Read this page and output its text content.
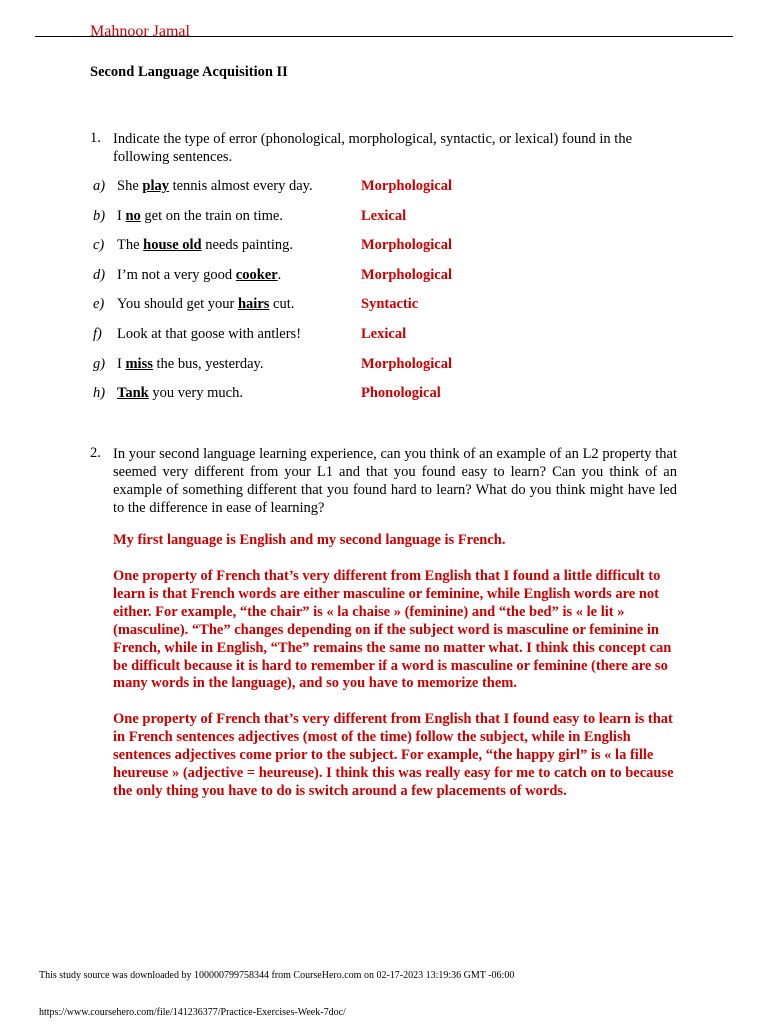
Mahnoor Jamal
Second Language Acquisition II
1. Indicate the type of error (phonological, morphological, syntactic, or lexical) found in the following sentences.
a) She play tennis almost every day.	Morphological
b) I no get on the train on time.	Lexical
c) The house old needs painting.	Morphological
d) I’m not a very good cooker.	Morphological
e) You should get your hairs cut.	Syntactic
f) Look at that goose with antlers!	Lexical
g) I miss the bus, yesterday.	Morphological
h) Tank you very much.	Phonological
2. In your second language learning experience, can you think of an example of an L2 property that seemed very different from your L1 and that you found easy to learn? Can you think of an example of something different that you found hard to learn? What do you think might have led to the difference in ease of learning?
My first language is English and my second language is French.
One property of French that’s very different from English that I found a little difficult to learn is that French words are either masculine or feminine, while English words are not either. For example, “the chair” is « la chaise » (feminine) and “the bed” is « le lit » (masculine). “The” changes depending on if the subject word is masculine or feminine in French, while in English, “The” remains the same no matter what. I think this concept can be difficult because it is hard to remember if a word is masculine or feminine (there are so many words in the language), and so you have to memorize them.
One property of French that’s very different from English that I found easy to learn is that in French sentences adjectives (most of the time) follow the subject, while in English sentences adjectives come prior to the subject. For example, “the happy girl” is « la fille heureuse » (adjective = heureuse). I think this was really easy for me to catch on to because the only thing you have to do is switch around a few placements of words.
This study source was downloaded by 100000799758344 from CourseHero.com on 02-17-2023 13:19:36 GMT -06:00
https://www.coursehero.com/file/141236377/Practice-Exercises-Week-7doc/
